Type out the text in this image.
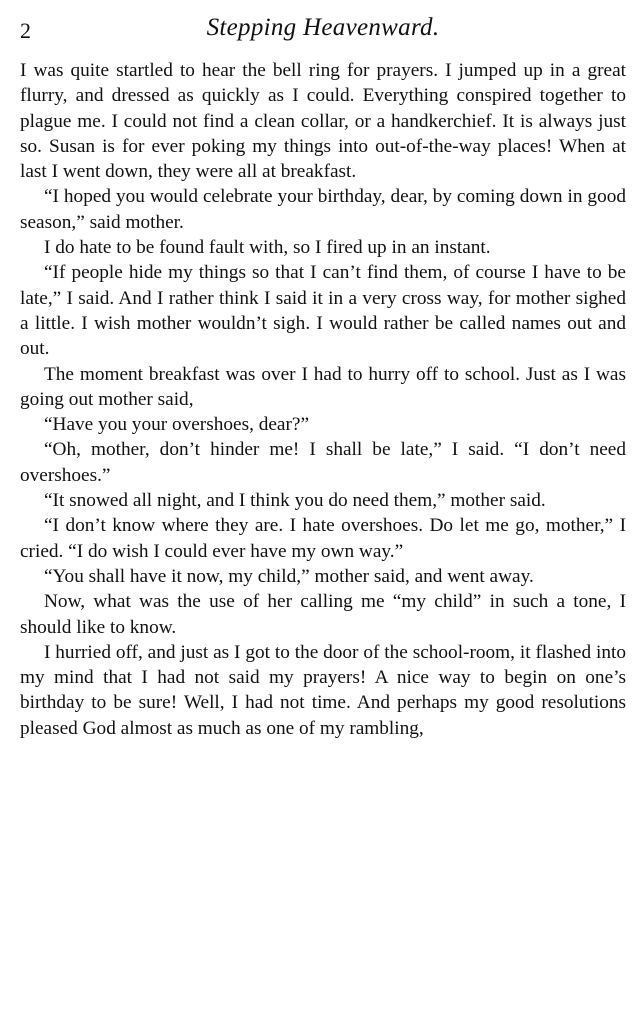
2	Stepping Heavenward.

I was quite startled to hear the bell ring for prayers. I jumped up in a great flurry, and dressed as quickly as I could. Everything conspired together to plague me. I could not find a clean collar, or a handkerchief. It is always just so. Susan is for ever poking my things into out-of-the-way places! When at last I went down, they were all at breakfast.

“I hoped you would celebrate your birthday, dear, by coming down in good season,” said mother.

I do hate to be found fault with, so I fired up in an instant.

“If people hide my things so that I can’t find them, of course I have to be late,” I said. And I rather think I said it in a very cross way, for mother sighed a little. I wish mother wouldn’t sigh. I would rather be called names out and out.

The moment breakfast was over I had to hurry off to school. Just as I was going out mother said,

“Have you your overshoes, dear?”

“Oh, mother, don’t hinder me! I shall be late,” I said. “I don’t need overshoes.”

“It snowed all night, and I think you do need them,” mother said.

“I don’t know where they are. I hate overshoes. Do let me go, mother,” I cried. “I do wish I could ever have my own way.”

“You shall have it now, my child,” mother said, and went away.

Now, what was the use of her calling me “my child” in such a tone, I should like to know.

I hurried off, and just as I got to the door of the school-room, it flashed into my mind that I had not said my prayers! A nice way to begin on one’s birthday to be sure! Well, I had not time. And perhaps my good resolutions pleased God almost as much as one of my rambling,
